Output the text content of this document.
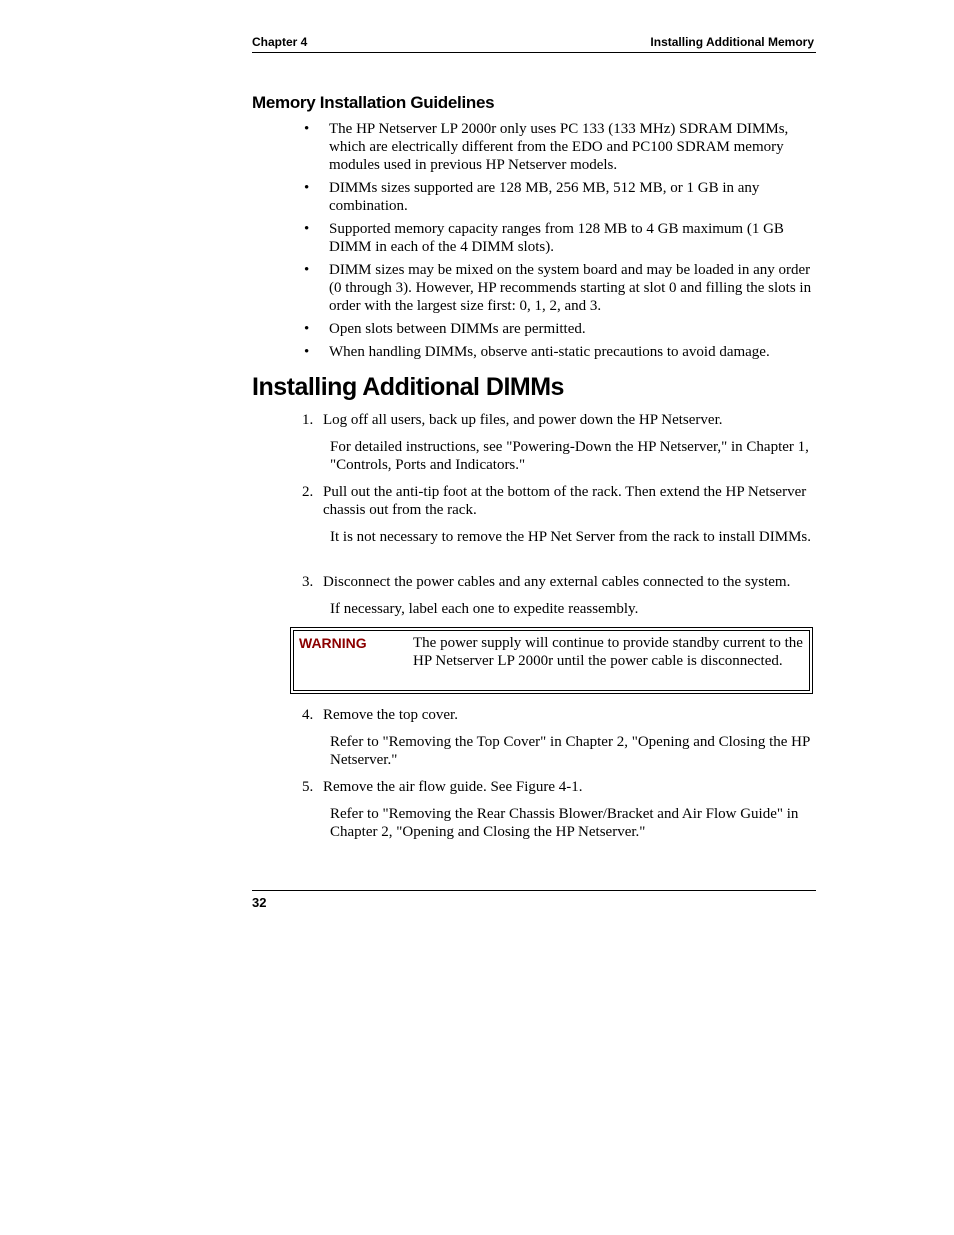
Chapter 4	Installing Additional Memory
Memory Installation Guidelines
• The HP Netserver LP 2000r only uses PC 133 (133 MHz) SDRAM DIMMs, which are electrically different from the EDO and PC100 SDRAM memory modules used in previous HP Netserver models.
• DIMMs sizes supported are 128 MB, 256 MB, 512 MB, or 1 GB in any combination.
• Supported memory capacity ranges from 128 MB to 4 GB maximum (1 GB DIMM in each of the 4 DIMM slots).
• DIMM sizes may be mixed on the system board and may be loaded in any order (0 through 3). However, HP recommends starting at slot 0 and filling the slots in order with the largest size first: 0, 1, 2, and 3.
• Open slots between DIMMs are permitted.
• When handling DIMMs, observe anti-static precautions to avoid damage.
Installing Additional DIMMs
1. Log off all users, back up files, and power down the HP Netserver.
For detailed instructions, see "Powering-Down the HP Netserver," in Chapter 1, "Controls, Ports and Indicators."
2. Pull out the anti-tip foot at the bottom of the rack. Then extend the HP Netserver chassis out from the rack.
It is not necessary to remove the HP Net Server from the rack to install DIMMs.
3. Disconnect the power cables and any external cables connected to the system.
If necessary, label each one to expedite reassembly.
WARNING	The power supply will continue to provide standby current to the HP Netserver LP 2000r until the power cable is disconnected.
4. Remove the top cover.
Refer to "Removing the Top Cover" in Chapter 2, "Opening and Closing the HP Netserver."
5. Remove the air flow guide. See Figure 4-1.
Refer to "Removing the Rear Chassis Blower/Bracket and Air Flow Guide" in Chapter 2, "Opening and Closing the HP Netserver."
32
